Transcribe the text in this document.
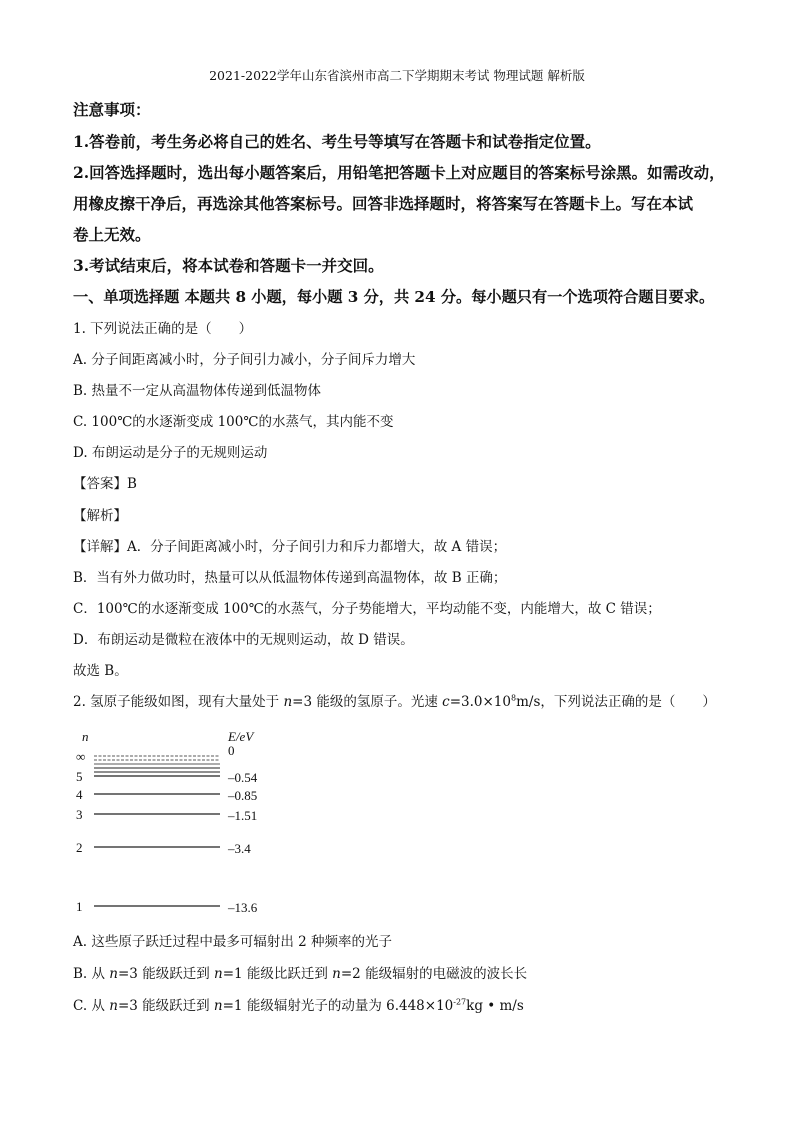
2021-2022学年山东省滨州市高二下学期期末考试 物理试题 解析版
注意事项：
1.答卷前，考生务必将自己的姓名、考生号等填写在答题卡和试卷指定位置。
2.回答选择题时，选出每小题答案后，用铅笔把答题卡上对应题目的答案标号涂黑。如需改动，
用橡皮擦干净后，再选涂其他答案标号。回答非选择题时，将答案写在答题卡上。写在本试
卷上无效。
3.考试结束后，将本试卷和答题卡一并交回。
一、单项选择题 本题共 8 小题，每小题 3 分，共 24 分。每小题只有一个选项符合题目要求。
1. 下列说法正确的是（　　）
A. 分子间距离减小时，分子间引力减小，分子间斥力增大
B. 热量不一定从高温物体传递到低温物体
C. 100℃的水逐渐变成 100℃的水蒸气，其内能不变
D. 布朗运动是分子的无规则运动
【答案】B
【解析】
【详解】A．分子间距离减小时，分子间引力和斥力都增大，故 A 错误；
B．当有外力做功时，热量可以从低温物体传递到高温物体，故 B 正确；
C．100℃的水逐渐变成 100℃的水蒸气，分子势能增大，平均动能不变，内能增大，故 C 错误；
D．布朗运动是微粒在液体中的无规则运动，故 D 错误。
故选 B。
2. 氢原子能级如图，现有大量处于 n=3 能级的氢原子。光速 $c=3.0\times 10^8m/s$，下列说法正确的是（　　）
n	E/eV
∞	0
5	–0.54
4	–0.85
3	–1.51
2	–3.4
1	–13.6
A. 这些原子跃迁过程中最多可辐射出 2 种频率的光子
B. 从 n=3 能级跃迁到 n=1 能级比跃迁到 n=2 能级辐射的电磁波的波长长
C. 从 n=3 能级跃迁到 n=1 能级辐射光子的动量为 $6.448\times 10^{-27}kg$ • m/s
